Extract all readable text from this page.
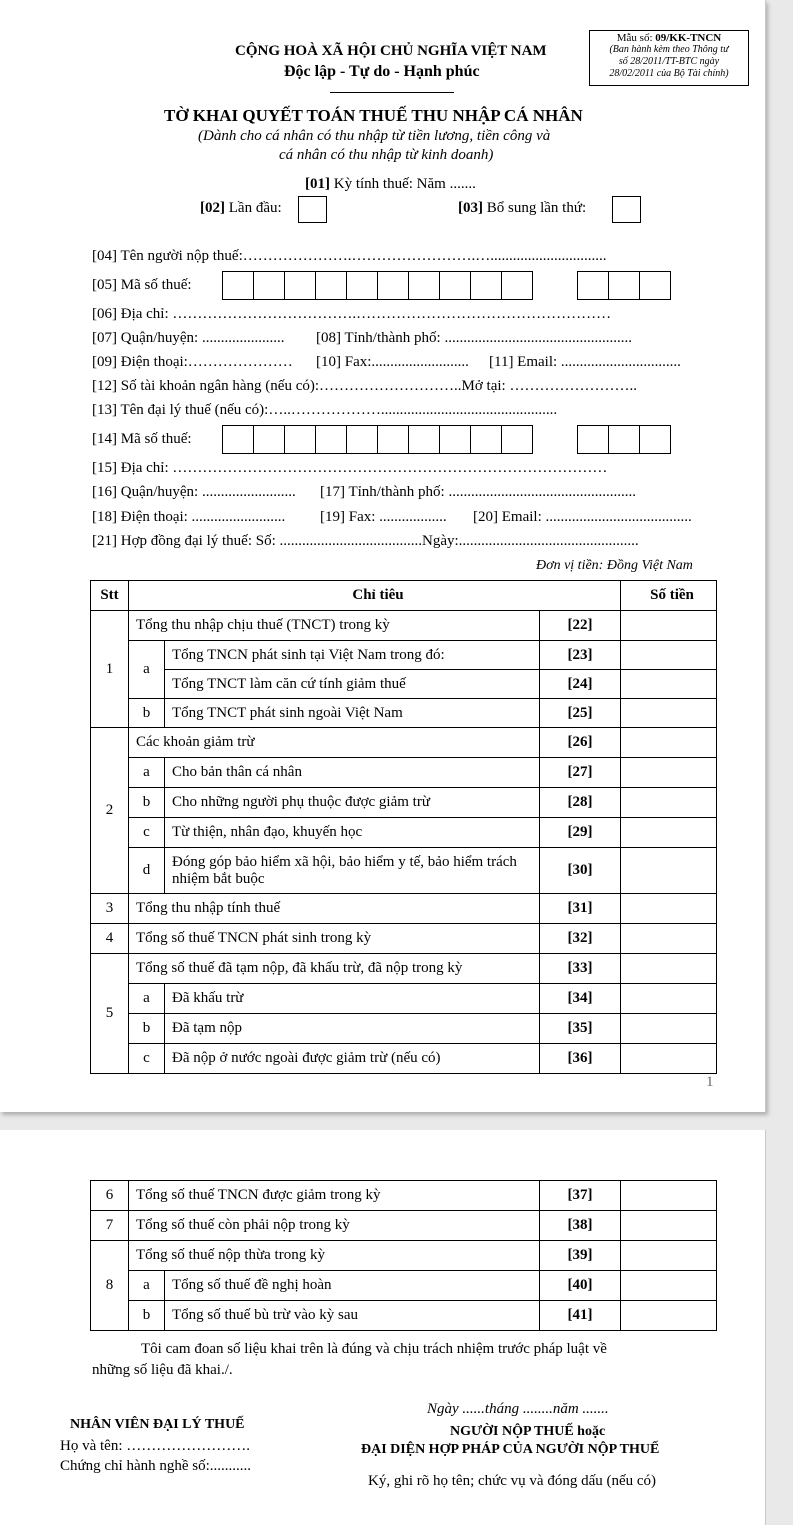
CỘNG HOÀ XÃ HỘI CHỦ NGHĨA VIỆT NAM
Độc lập - Tự do - Hạnh phúc
Mẫu số: 09/KK-TNCN
(Ban hành kèm theo Thông tư
số 28/2011/TT-BTC ngày
28/02/2011 của Bộ Tài chính)
TỜ KHAI QUYẾT TOÁN THUẾ THU NHẬP CÁ NHÂN
(Dành cho cá nhân có thu nhập từ tiền lương, tiền công và
cá nhân có thu nhập từ kinh doanh)
[01] Kỳ tính thuế: Năm .......
[02] Lần đầu:	[03] Bổ sung lần thứ:
[04] Tên người nộp thuế:………………….…………………….…...............................
[05] Mã số thuế:
[06] Địa chỉ: ……………………………….……………………………………………
[07] Quận/huyện: ...................... [08] Tỉnh/thành phố: ..................................................
[09] Điện thoại:………………… [10] Fax:.......................... [11] Email: ................................
[12] Số tài khoản ngân hàng (nếu có):………………………..Mở tại: ……………………..
[13] Tên đại lý thuế (nếu có):…..………………...............................................
[14] Mã số thuế:
[15] Địa chỉ: ……………………………………………………………………………
[16] Quận/huyện: ......................... [17] Tỉnh/thành phố: ..................................................
[18] Điện thoại: ......................... [19] Fax: .................. [20] Email: .......................................
[21] Hợp đồng đại lý thuế: Số: ......................................Ngày:................................................
Đơn vị tiền: Đồng Việt Nam
Stt	Chỉ tiêu			Số tiền
1	Tổng thu nhập chịu thuế (TNCT) trong kỳ		[22]	
	a	Tổng TNCN phát sinh tại Việt Nam trong đó:	[23]	
		Tổng TNCT làm căn cứ tính giảm thuế	[24]	
	b	Tổng TNCT phát sinh ngoài Việt Nam	[25]	
2	Các khoản giảm trừ		[26]	
	a	Cho bản thân cá nhân	[27]	
	b	Cho những người phụ thuộc được giảm trừ	[28]	
	c	Từ thiện, nhân đạo, khuyến học	[29]	
	d	Đóng góp bảo hiểm xã hội, bảo hiểm y tế, bảo hiểm trách nhiệm bắt buộc	[30]	
3	Tổng thu nhập tính thuế		[31]	
4	Tổng số thuế TNCN phát sinh trong kỳ		[32]	
5	Tổng số thuế đã tạm nộp, đã khấu trừ, đã nộp trong kỳ		[33]	
	a	Đã khấu trừ	[34]	
	b	Đã tạm nộp	[35]	
	c	Đã nộp ở nước ngoài được giảm trừ (nếu có)	[36]	
1
6	Tổng số thuế TNCN được giảm trong kỳ		[37]	
7	Tổng số thuế còn phải nộp trong kỳ		[38]	
8	Tổng số thuế nộp thừa trong kỳ		[39]	
	a	Tổng số thuế đề nghị hoàn	[40]	
	b	Tổng số thuế bù trừ vào kỳ sau	[41]	
Tôi cam đoan số liệu khai trên là đúng và chịu trách nhiệm trước pháp luật về
những số liệu đã khai./.
Ngày ......tháng ........năm .......
NHÂN VIÊN ĐẠI LÝ THUẾ
Họ và tên: …………………….
Chứng chỉ hành nghề số:...........
NGƯỜI NỘP THUẾ hoặc
ĐẠI DIỆN HỢP PHÁP CỦA NGƯỜI NỘP THUẾ
Ký, ghi rõ họ tên; chức vụ và đóng dấu (nếu có)
